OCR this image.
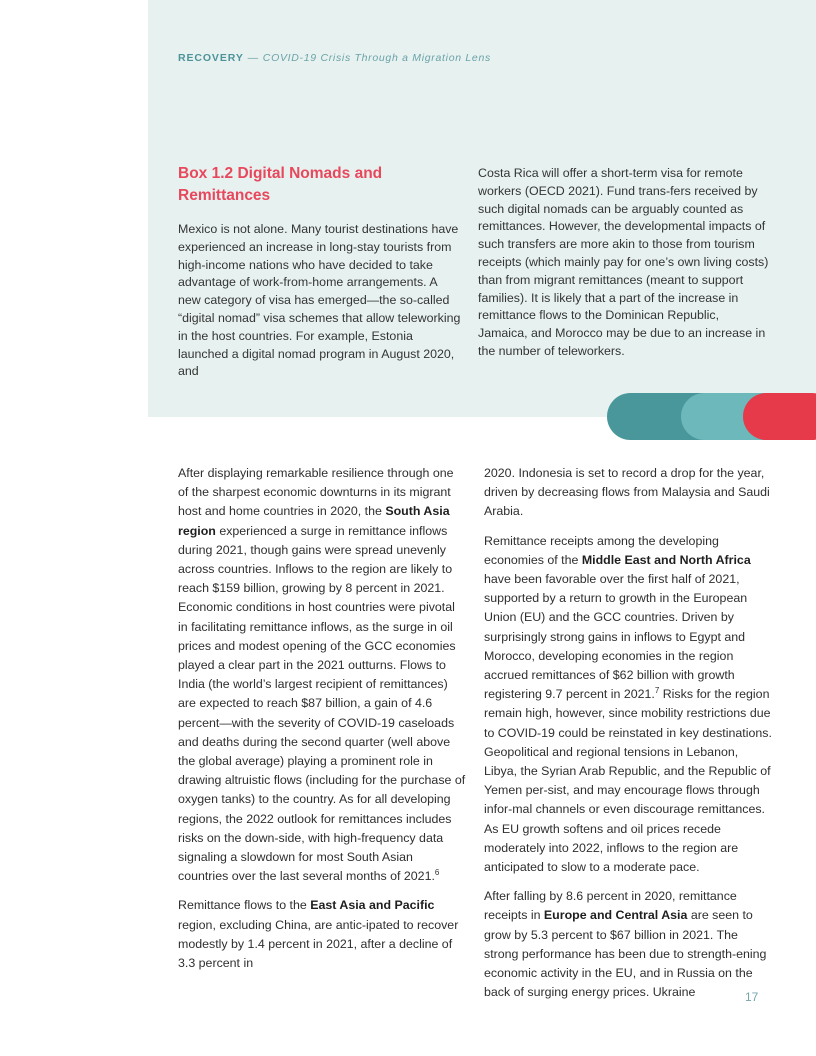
RECOVERY — COVID-19 Crisis Through a Migration Lens
Box 1.2 Digital Nomads and Remittances
Mexico is not alone. Many tourist destinations have experienced an increase in long-stay tourists from high-income nations who have decided to take advantage of work-from-home arrangements. A new category of visa has emerged—the so-called “digital nomad” visa schemes that allow teleworking in the host countries. For example, Estonia launched a digital nomad program in August 2020, and
Costa Rica will offer a short-term visa for remote workers (OECD 2021). Fund trans-fers received by such digital nomads can be arguably counted as remittances. However, the developmental impacts of such transfers are more akin to those from tourism receipts (which mainly pay for one’s own living costs) than from migrant remittances (meant to support families). It is likely that a part of the increase in remittance flows to the Dominican Republic, Jamaica, and Morocco may be due to an increase in the number of teleworkers.

After displaying remarkable resilience through one of the sharpest economic downturns in its migrant host and home countries in 2020, the South Asia region experienced a surge in remittance inflows during 2021, though gains were spread unevenly across countries. Inflows to the region are likely to reach $159 billion, growing by 8 percent in 2021. Economic conditions in host countries were pivotal in facilitating remittance inflows, as the surge in oil prices and modest opening of the GCC economies played a clear part in the 2021 outturns. Flows to India (the world’s largest recipient of remittances) are expected to reach $87 billion, a gain of 4.6 percent—with the severity of COVID-19 caseloads and deaths during the second quarter (well above the global average) playing a prominent role in drawing altruistic flows (including for the purchase of oxygen tanks) to the country. As for all developing regions, the 2022 outlook for remittances includes risks on the down-side, with high-frequency data signaling a slowdown for most South Asian countries over the last several months of 2021.$^6$

Remittance flows to the East Asia and Pacific region, excluding China, are antic-ipated to recover modestly by 1.4 percent in 2021, after a decline of 3.3 percent in

2020. Indonesia is set to record a drop for the year, driven by decreasing flows from Malaysia and Saudi Arabia.

Remittance receipts among the developing economies of the Middle East and North Africa have been favorable over the first half of 2021, supported by a return to growth in the European Union (EU) and the GCC countries. Driven by surprisingly strong gains in inflows to Egypt and Morocco, developing economies in the region accrued remittances of $62 billion with growth registering 9.7 percent in 2021.$^7$ Risks for the region remain high, however, since mobility restrictions due to COVID-19 could be reinstated in key destinations. Geopolitical and regional tensions in Lebanon, Libya, the Syrian Arab Republic, and the Republic of Yemen per-sist, and may encourage flows through infor-mal channels or even discourage remittances. As EU growth softens and oil prices recede moderately into 2022, inflows to the region are anticipated to slow to a moderate pace.

After falling by 8.6 percent in 2020, remittance receipts in Europe and Central Asia are seen to grow by 5.3 percent to $67 billion in 2021. The strong performance has been due to strength-ening economic activity in the EU, and in Russia on the back of surging energy prices. Ukraine	17
